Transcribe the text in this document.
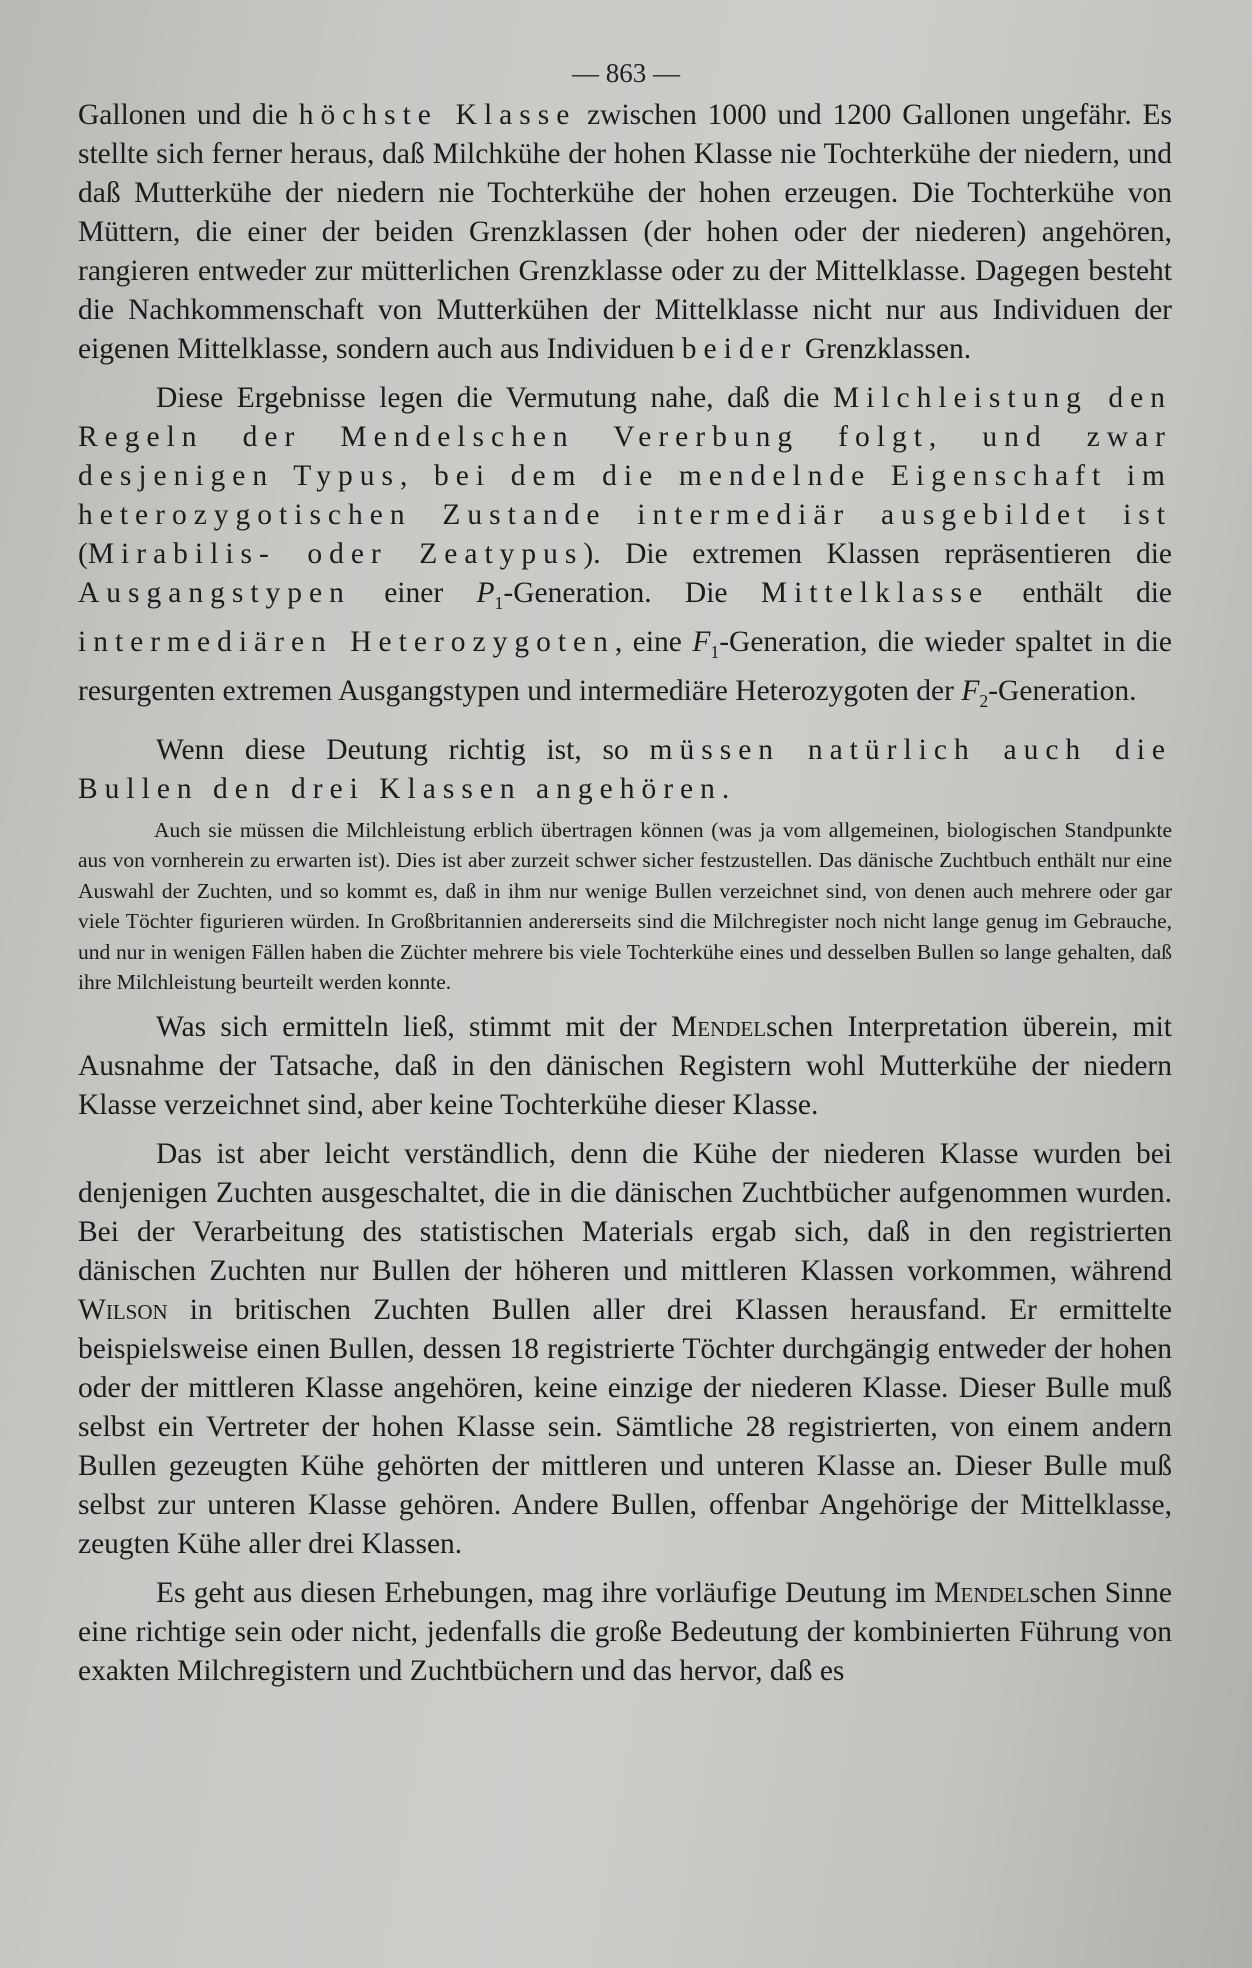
— 863 —

Gallonen und die höchste Klasse zwischen 1000 und 1200 Gallonen ungefähr. Es stellte sich ferner heraus, daß Milchkühe der hohen Klasse nie Tochterkühe der niedern, und daß Mutterkühe der niedern nie Tochterkühe der hohen erzeugen. Die Tochterkühe von Müttern, die einer der beiden Grenzklassen (der hohen oder der niederen) angehören, rangieren entweder zur mütterlichen Grenzklasse oder zu der Mittelklasse. Dagegen besteht die Nachkommenschaft von Mutterkühen der Mittelklasse nicht nur aus Individuen der eigenen Mittelklasse, sondern auch aus Individuen beider Grenzklassen.

Diese Ergebnisse legen die Vermutung nahe, daß die Milchleistung den Regeln der Mendelschen Vererbung folgt, und zwar desjenigen Typus, bei dem die mendelnde Eigenschaft im heterozygotischen Zustande intermediär ausgebildet ist (Mirabilis- oder Zeatypus). Die extremen Klassen repräsentieren die Ausgangstypen einer $P_1$-Generation. Die Mittelklasse enthält die intermediären Heterozygoten, eine $F_1$-Generation, die wieder spaltet in die resurgenten extremen Ausgangstypen und intermediäre Heterozygoten der $F_2$-Generation.

Wenn diese Deutung richtig ist, so müssen natürlich auch die Bullen den drei Klassen angehören.

Auch sie müssen die Milchleistung erblich übertragen können (was ja vom allgemeinen, biologischen Standpunkte aus von vornherein zu erwarten ist). Dies ist aber zurzeit schwer sicher festzustellen. Das dänische Zuchtbuch enthält nur eine Auswahl der Zuchten, und so kommt es, daß in ihm nur wenige Bullen verzeichnet sind, von denen auch mehrere oder gar viele Töchter figurieren würden. In Großbritannien andererseits sind die Milchregister noch nicht lange genug im Gebrauche, und nur in wenigen Fällen haben die Züchter mehrere bis viele Tochterkühe eines und desselben Bullen so lange gehalten, daß ihre Milchleistung beurteilt werden konnte.

Was sich ermitteln ließ, stimmt mit der Mendelschen Interpretation überein, mit Ausnahme der Tatsache, daß in den dänischen Registern wohl Mutterkühe der niedern Klasse verzeichnet sind, aber keine Tochterkühe dieser Klasse.

Das ist aber leicht verständlich, denn die Kühe der niederen Klasse wurden bei denjenigen Zuchten ausgeschaltet, die in die dänischen Zuchtbücher aufgenommen wurden. Bei der Verarbeitung des statistischen Materials ergab sich, daß in den registrierten dänischen Zuchten nur Bullen der höheren und mittleren Klassen vorkommen, während Wilson in britischen Zuchten Bullen aller drei Klassen herausfand. Er ermittelte beispielsweise einen Bullen, dessen 18 registrierte Töchter durchgängig entweder der hohen oder der mittleren Klasse angehören, keine einzige der niederen Klasse. Dieser Bulle muß selbst ein Vertreter der hohen Klasse sein. Sämtliche 28 registrierten, von einem andern Bullen gezeugten Kühe gehörten der mittleren und unteren Klasse an. Dieser Bulle muß selbst zur unteren Klasse gehören. Andere Bullen, offenbar Angehörige der Mittelklasse, zeugten Kühe aller drei Klassen.

Es geht aus diesen Erhebungen, mag ihre vorläufige Deutung im Mendelschen Sinne eine richtige sein oder nicht, jedenfalls die große Bedeutung der kombinierten Führung von exakten Milchregistern und Zuchtbüchern und das hervor, daß es
